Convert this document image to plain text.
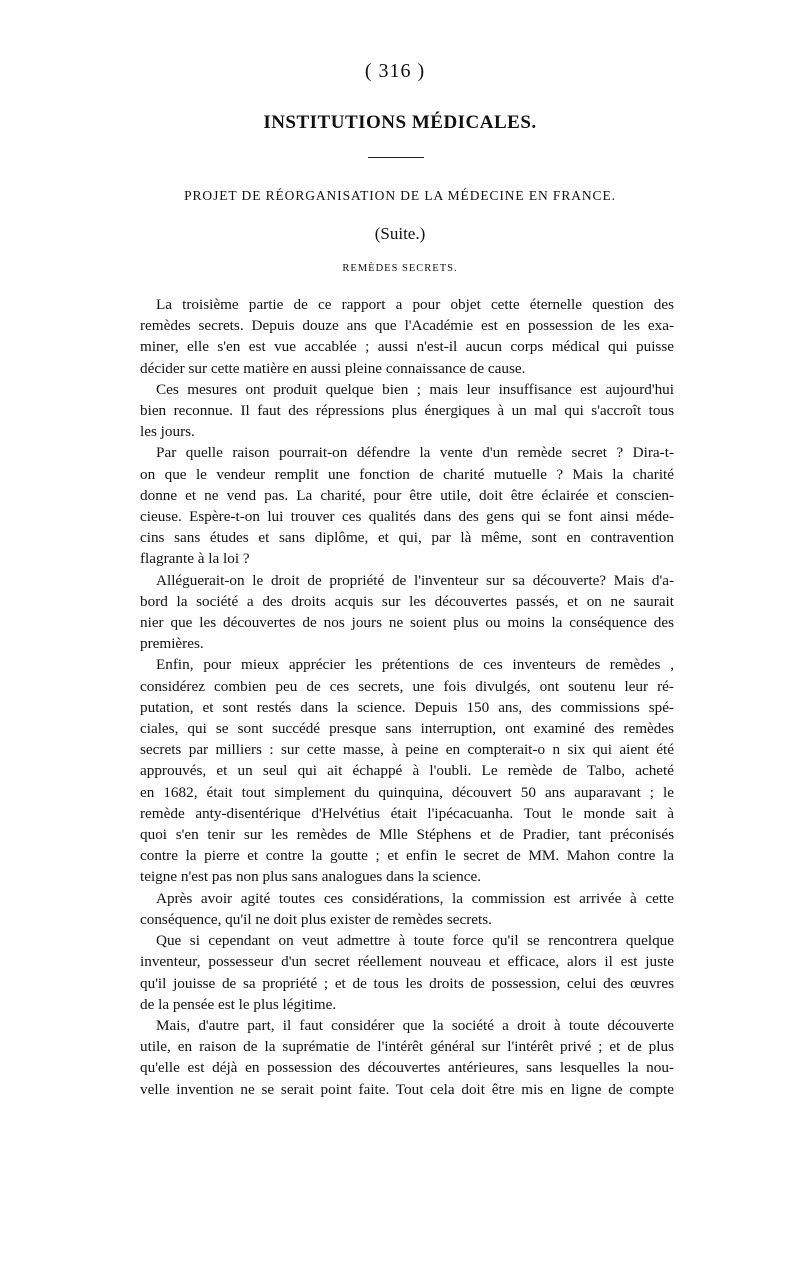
( 316 )
INSTITUTIONS MÉDICALES.
PROJET DE RÉORGANISATION DE LA MÉDECINE EN FRANCE.
(Suite.)
REMÈDES SECRETS.

La troisième partie de ce rapport a pour objet cette éternelle question des
remèdes secrets. Depuis douze ans que l'Académie est en possession de les exa-
miner, elle s'en est vue accablée ; aussi n'est-il aucun corps médical qui puisse
décider sur cette matière en aussi pleine connaissance de cause.

Ces mesures ont produit quelque bien ; mais leur insuffisance est aujourd'hui
bien reconnue. Il faut des répressions plus énergiques à un mal qui s'accroît tous
les jours.

Par quelle raison pourrait-on défendre la vente d'un remède secret ? Dira-t-
on que le vendeur remplit une fonction de charité mutuelle ? Mais la charité
donne et ne vend pas. La charité, pour être utile, doit être éclairée et conscien-
cieuse. Espère-t-on lui trouver ces qualités dans des gens qui se font ainsi méde-
cins sans études et sans diplôme, et qui, par là même, sont en contravention
flagrante à la loi ?

Alléguerait-on le droit de propriété de l'inventeur sur sa découverte? Mais d'a-
bord la société a des droits acquis sur les découvertes passés, et on ne saurait
nier que les découvertes de nos jours ne soient plus ou moins la conséquence des
premières.

Enfin, pour mieux apprécier les prétentions de ces inventeurs de remèdes ,
considérez combien peu de ces secrets, une fois divulgés, ont soutenu leur ré-
putation, et sont restés dans la science. Depuis 150 ans, des commissions spé-
ciales, qui se sont succédé presque sans interruption, ont examiné des remèdes
secrets par milliers : sur cette masse, à peine en compterait-o n six qui aient été
approuvés, et un seul qui ait échappé à l'oubli. Le remède de Talbo, acheté
en 1682, était tout simplement du quinquina, découvert 50 ans auparavant ; le
remède anty-disentérique d'Helvétius était l'ipécacuanha. Tout le monde sait à
quoi s'en tenir sur les remèdes de Mlle Stéphens et de Pradier, tant préconisés
contre la pierre et contre la goutte ; et enfin le secret de MM. Mahon contre la
teigne n'est pas non plus sans analogues dans la science.

Après avoir agité toutes ces considérations, la commission est arrivée à cette
conséquence, qu'il ne doit plus exister de remèdes secrets.

Que si cependant on veut admettre à toute force qu'il se rencontrera quelque
inventeur, possesseur d'un secret réellement nouveau et efficace, alors il est juste
qu'il jouisse de sa propriété ; et de tous les droits de possession, celui des œuvres
de la pensée est le plus légitime.

Mais, d'autre part, il faut considérer que la société a droit à toute découverte
utile, en raison de la suprématie de l'intérêt général sur l'intérêt privé ; et de plus
qu'elle est déjà en possession des découvertes antérieures, sans lesquelles la nou-
velle invention ne se serait point faite. Tout cela doit être mis en ligne de compte
